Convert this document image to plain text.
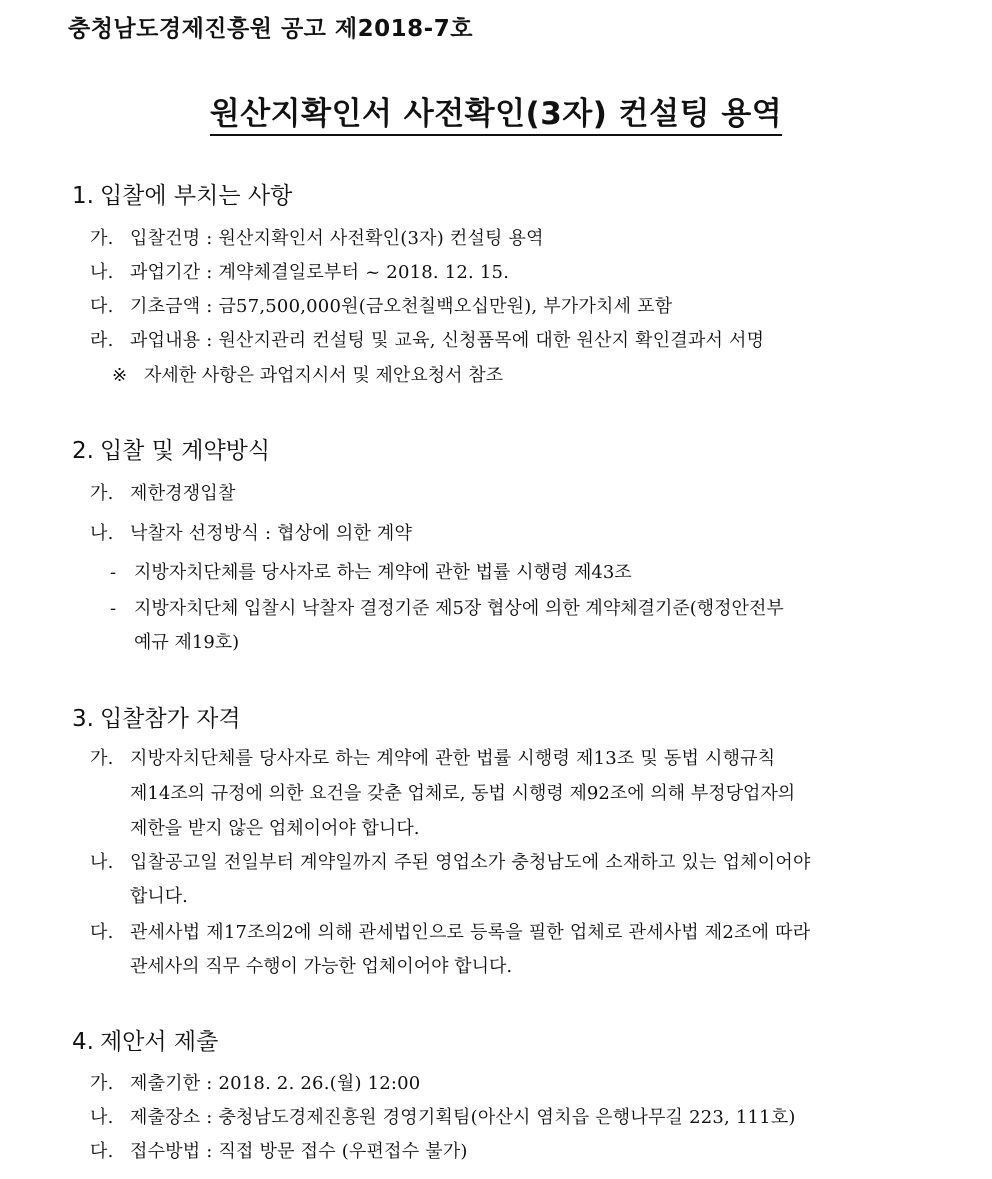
충청남도경제진흥원 공고 제2018-7호
원산지확인서 사전확인(3자) 컨설팅 용역
1. 입찰에 부치는 사항
가. 입찰건명 : 원산지확인서 사전확인(3자) 컨설팅 용역
나. 과업기간 : 계약체결일로부터 ~ 2018. 12. 15.
다. 기초금액 : 금57,500,000원(금오천칠백오십만원), 부가가치세 포함
라. 과업내용 : 원산지관리 컨설팅 및 교육, 신청품목에 대한 원산지 확인결과서 서명
※ 자세한 사항은 과업지시서 및 제안요청서 참조
2. 입찰 및 계약방식
가. 제한경쟁입찰
나. 낙찰자 선정방식 : 협상에 의한 계약
- 지방자치단체를 당사자로 하는 계약에 관한 법률 시행령 제43조
- 지방자치단체 입찰시 낙찰자 결정기준 제5장 협상에 의한 계약체결기준(행정안전부
예규 제19호)
3. 입찰참가 자격
가. 지방자치단체를 당사자로 하는 계약에 관한 법률 시행령 제13조 및 동법 시행규칙
제14조의 규정에 의한 요건을 갖춘 업체로, 동법 시행령 제92조에 의해 부정당업자의
제한을 받지 않은 업체이어야 합니다.
나. 입찰공고일 전일부터 계약일까지 주된 영업소가 충청남도에 소재하고 있는 업체이어야
합니다.
다. 관세사법 제17조의2에 의해 관세법인으로 등록을 필한 업체로 관세사법 제2조에 따라
관세사의 직무 수행이 가능한 업체이어야 합니다.
4. 제안서 제출
가. 제출기한 : 2018. 2. 26.(월) 12:00
나. 제출장소 : 충청남도경제진흥원 경영기획팀(아산시 염치읍 은행나무길 223, 111호)
다. 접수방법 : 직접 방문 접수 (우편접수 불가)
